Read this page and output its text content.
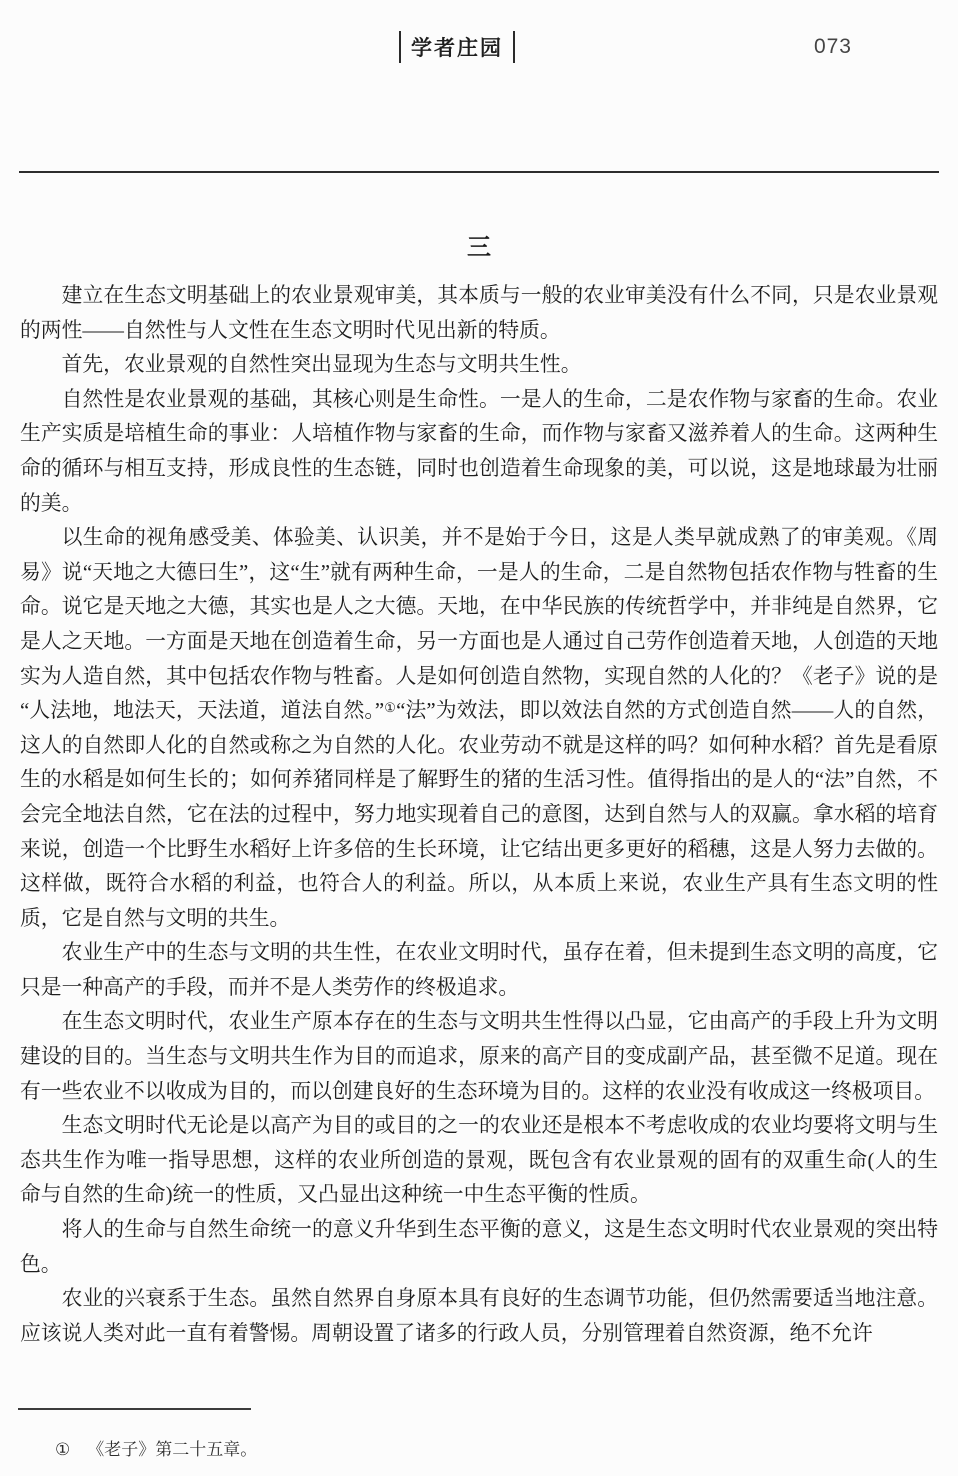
学者庄园	073
三

建立在生态文明基础上的农业景观审美，其本质与一般的农业审美没有什么不同，只是农业景观的两性——自然性与人文性在生态文明时代见出新的特质。

首先，农业景观的自然性突出显现为生态与文明共生性。

自然性是农业景观的基础，其核心则是生命性。一是人的生命，二是农作物与家畜的生命。农业生产实质是培植生命的事业：人培植作物与家畜的生命，而作物与家畜又滋养着人的生命。这两种生命的循环与相互支持，形成良性的生态链，同时也创造着生命现象的美，可以说，这是地球最为壮丽的美。

以生命的视角感受美、体验美、认识美，并不是始于今日，这是人类早就成熟了的审美观。《周易》说“天地之大德曰生”，这“生”就有两种生命，一是人的生命，二是自然物包括农作物与牲畜的生命。说它是天地之大德，其实也是人之大德。天地，在中华民族的传统哲学中，并非纯是自然界，它是人之天地。一方面是天地在创造着生命，另一方面也是人通过自己劳作创造着天地，人创造的天地实为人造自然，其中包括农作物与牲畜。人是如何创造自然物，实现自然的人化的？《老子》说的是“人法地，地法天，天法道，道法自然。”①“法”为效法，即以效法自然的方式创造自然——人的自然，这人的自然即人化的自然或称之为自然的人化。农业劳动不就是这样的吗？如何种水稻？首先是看原生的水稻是如何生长的；如何养猪同样是了解野生的猪的生活习性。值得指出的是人的“法”自然，不会完全地法自然，它在法的过程中，努力地实现着自己的意图，达到自然与人的双赢。拿水稻的培育来说，创造一个比野生水稻好上许多倍的生长环境，让它结出更多更好的稻穗，这是人努力去做的。这样做，既符合水稻的利益，也符合人的利益。所以，从本质上来说，农业生产具有生态文明的性质，它是自然与文明的共生。

农业生产中的生态与文明的共生性，在农业文明时代，虽存在着，但未提到生态文明的高度，它只是一种高产的手段，而并不是人类劳作的终极追求。

在生态文明时代，农业生产原本存在的生态与文明共生性得以凸显，它由高产的手段上升为文明建设的目的。当生态与文明共生作为目的而追求，原来的高产目的变成副产品，甚至微不足道。现在有一些农业不以收成为目的，而以创建良好的生态环境为目的。这样的农业没有收成这一终极项目。

生态文明时代无论是以高产为目的或目的之一的农业还是根本不考虑收成的农业均要将文明与生态共生作为唯一指导思想，这样的农业所创造的景观，既包含有农业景观的固有的双重生命(人的生命与自然的生命)统一的性质，又凸显出这种统一中生态平衡的性质。

将人的生命与自然生命统一的意义升华到生态平衡的意义，这是生态文明时代农业景观的突出特色。

农业的兴衰系于生态。虽然自然界自身原本具有良好的生态调节功能，但仍然需要适当地注意。应该说人类对此一直有着警惕。周朝设置了诸多的行政人员，分别管理着自然资源，绝不允许

① 《老子》第二十五章。
